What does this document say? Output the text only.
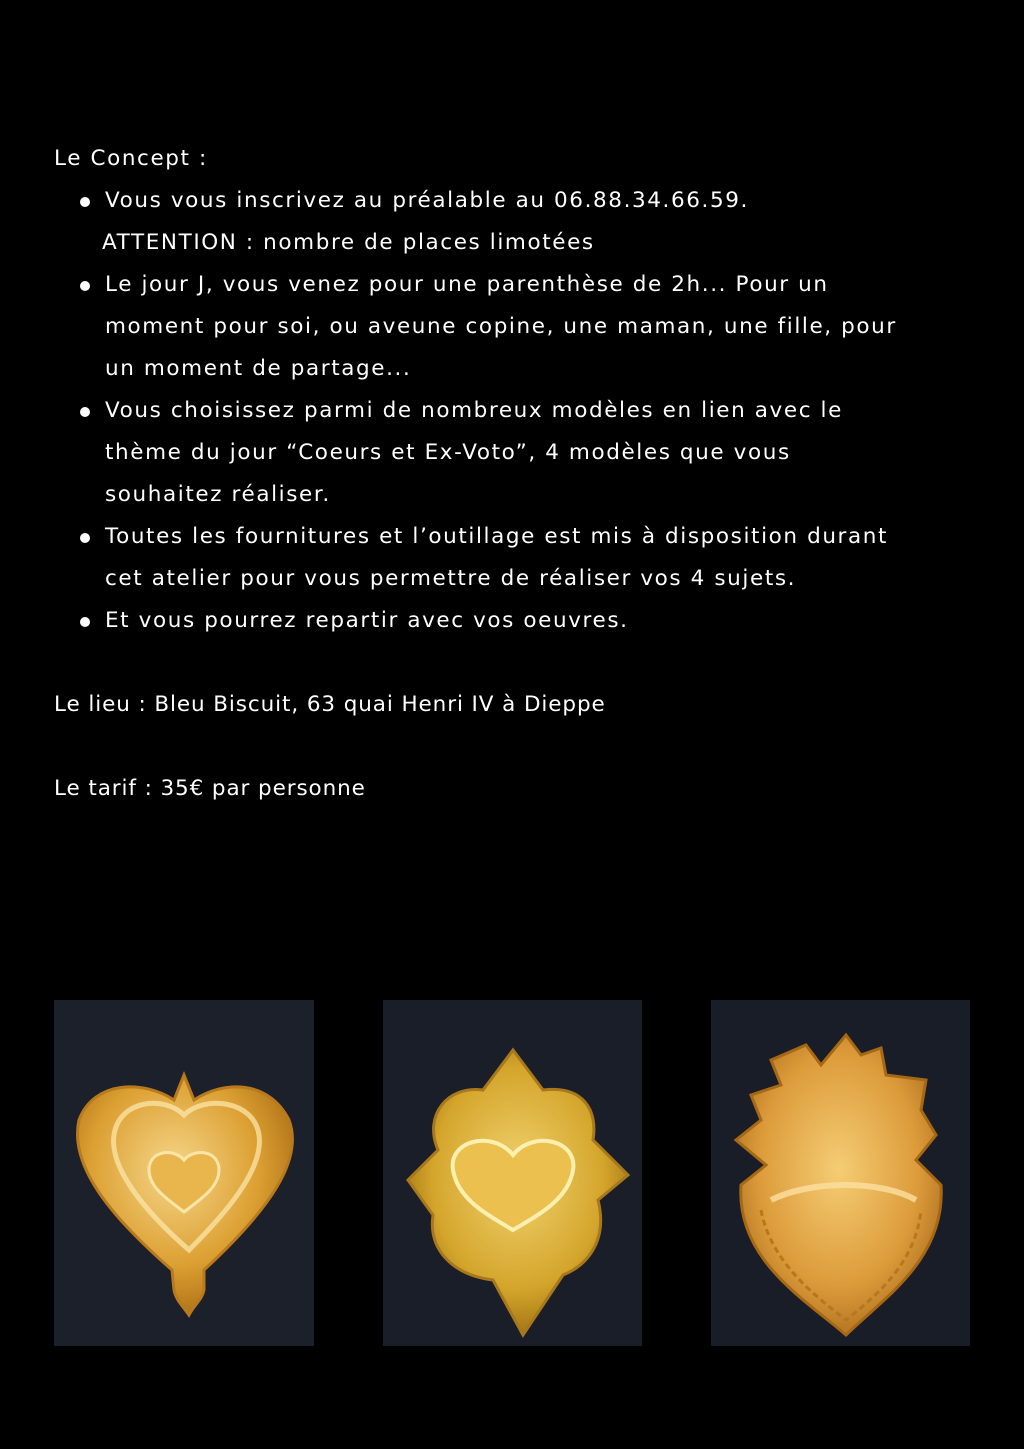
Le Concept :
Vous vous inscrivez au préalable au 06.88.34.66.59.
ATTENTION : nombre de places limotées
Le jour J, vous venez pour une parenthèse de 2h... Pour un
moment pour soi, ou aveune copine, une maman, une fille, pour
un moment de partage...
Vous choisissez parmi de nombreux modèles en lien avec le
thème du jour “Coeurs et Ex-Voto”, 4 modèles que vous
souhaitez réaliser.
Toutes les fournitures et l’outillage est mis à disposition durant
cet atelier pour vous permettre de réaliser vos 4 sujets.
Et vous pourrez repartir avec vos oeuvres.
Le lieu : Bleu Biscuit, 63 quai Henri IV à Dieppe
Le tarif : 35€ par personne
